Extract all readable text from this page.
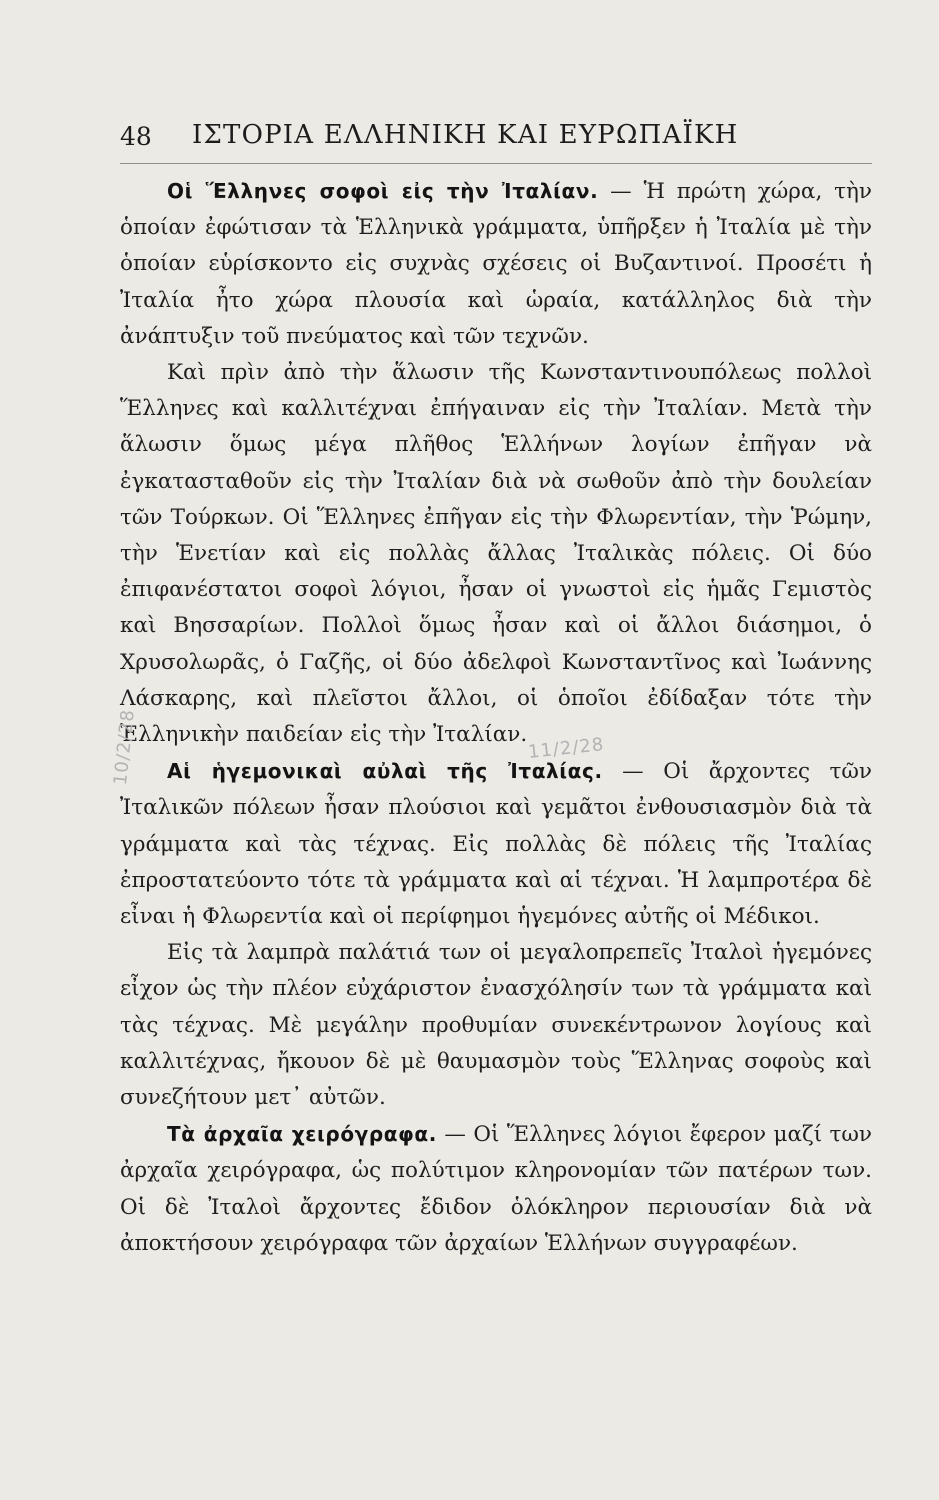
48 ΙΣΤΟΡΙΑ ΕΛΛΗΝΙΚΗ ΚΑΙ ΕΥΡΩΠΑΪΚΗ

Οἱ Ἕλληνες σοφοὶ εἰς τὴν Ἰταλίαν. — Ἡ πρώτη χώρα, τὴν ὁποίαν ἐφώτισαν τὰ Ἑλληνικὰ γράμματα, ὑπῆρξεν ἡ Ἰταλία μὲ τὴν ὁποίαν εὑρίσκοντο εἰς συχνὰς σχέσεις οἱ Βυζαντινοί. Προσέτι ἡ Ἰταλία ἦτο χώρα πλουσία καὶ ὡραία, κατάλληλος διὰ τὴν ἀνάπτυξιν τοῦ πνεύματος καὶ τῶν τεχνῶν.

Καὶ πρὶν ἀπὸ τὴν ἅλωσιν τῆς Κωνσταντινουπόλεως πολλοὶ Ἕλληνες καὶ καλλιτέχναι ἐπήγαιναν εἰς τὴν Ἰταλίαν. Μετὰ τὴν ἅλωσιν ὅμως μέγα πλῆθος Ἑλλήνων λογίων ἐπῆγαν νὰ ἐγκατασταθοῦν εἰς τὴν Ἰταλίαν διὰ νὰ σωθοῦν ἀπὸ τὴν δουλείαν τῶν Τούρκων. Οἱ Ἕλληνες ἐπῆγαν εἰς τὴν Φλωρεντίαν, τὴν Ῥώμην, τὴν Ἑνετίαν καὶ εἰς πολλὰς ἄλλας Ἰταλικὰς πόλεις. Οἱ δύο ἐπιφανέστατοι σοφοὶ λόγιοι, ἦσαν οἱ γνωστοὶ εἰς ἡμᾶς Γεμιστὸς καὶ Βησσαρίων. Πολλοὶ ὅμως ἦσαν καὶ οἱ ἄλλοι διάσημοι, ὁ Χρυσολωρᾶς, ὁ Γαζῆς, οἱ δύο ἀδελφοὶ Κωνσταντῖνος καὶ Ἰωάννης Λάσκαρης, καὶ πλεῖστοι ἄλλοι, οἱ ὁποῖοι ἐδίδαξαν τότε τὴν Ἑλληνικὴν παιδείαν εἰς τὴν Ἰταλίαν.

Αἱ ἡγεμονικαὶ αὐλαὶ τῆς Ἰταλίας. — Οἱ ἄρχοντες τῶν Ἰταλικῶν πόλεων ἦσαν πλούσιοι καὶ γεμᾶτοι ἐνθουσιασμὸν διὰ τὰ γράμματα καὶ τὰς τέχνας. Εἰς πολλὰς δὲ πόλεις τῆς Ἰταλίας ἐπροστατεύοντο τότε τὰ γράμματα καὶ αἱ τέχναι. Ἡ λαμπροτέρα δὲ εἶναι ἡ Φλωρεντία καὶ οἱ περίφημοι ἡγεμόνες αὐτῆς οἱ Μέδικοι.

Εἰς τὰ λαμπρὰ παλάτιά των οἱ μεγαλοπρεπεῖς Ἰταλοὶ ἡγεμόνες εἶχον ὡς τὴν πλέον εὐχάριστον ἐνασχόλησίν των τὰ γράμματα καὶ τὰς τέχνας. Μὲ μεγάλην προθυμίαν συνεκέντρωνον λογίους καὶ καλλιτέχνας, ἤκουον δὲ μὲ θαυμασμὸν τοὺς Ἕλληνας σοφοὺς καὶ συνεζήτουν μετ᾽ αὐτῶν.

Τὰ ἀρχαῖα χειρόγραφα. — Οἱ Ἕλληνες λόγιοι ἔφερον μαζί των ἀρχαῖα χειρόγραφα, ὡς πολύτιμον κληρονομίαν τῶν πατέρων των. Οἱ δὲ Ἰταλοὶ ἄρχοντες ἔδιδον ὁλόκληρον περιουσίαν διὰ νὰ ἀποκτήσουν χειρόγραφα τῶν ἀρχαίων Ἑλλήνων συγγραφέων.

11/2/28
10/2/28
